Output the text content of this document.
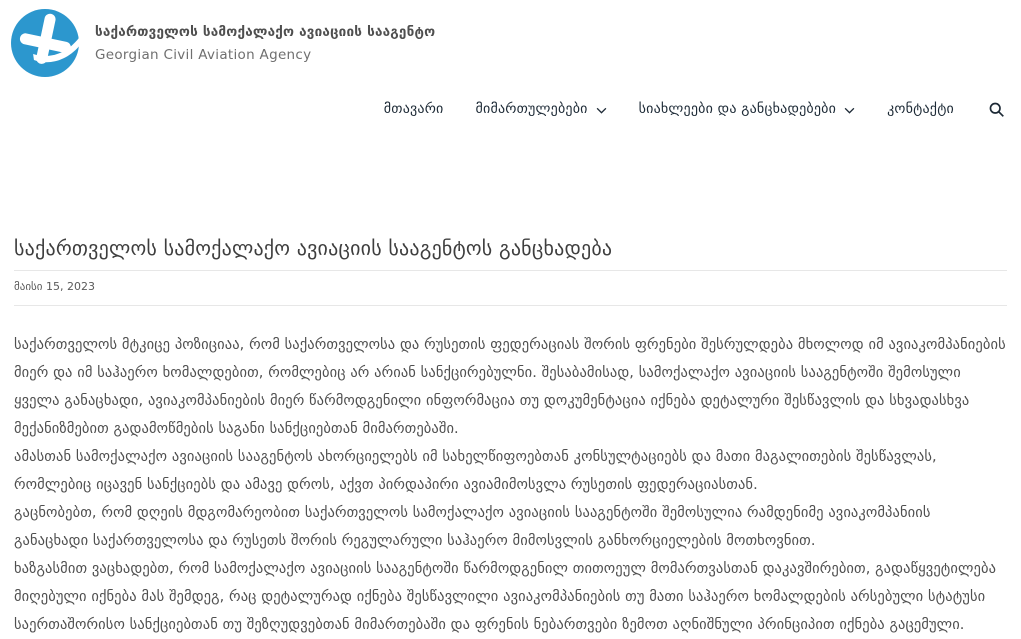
საქართველოს სამოქალაქო ავიაციის სააგენტო
Georgian Civil Aviation Agency
მთავარი მიმართულებები	სიახლეები და განცხადებები	კონტაქტი
საქართველოს სამოქალაქო ავიაციის სააგენტოს განცხადება
მაისი 15, 2023

საქართველოს მტკიცე პოზიციაა, რომ საქართველოსა და რუსეთის ფედერაციას შორის ფრენები შესრულდება მხოლოდ იმ ავიაკომპანიების მიერ და იმ საჰაერო ხომალდებით, რომლებიც არ არიან სანქცირებულნი. შესაბამისად, სამოქალაქო ავიაციის სააგენტოში შემოსული ყველა განაცხადი, ავიაკომპანიების მიერ წარმოდგენილი ინფორმაცია თუ დოკუმენტაცია იქნება დეტალური შესწავლის და სხვადასხვა მექანიზმებით გადამოწმების საგანი სანქციებთან მიმართებაში.

ამასთან სამოქალაქო ავიაციის სააგენტოს ახორციელებს იმ სახელწიფოებთან კონსულტაციებს და მათი მაგალითების შესწავლას, რომლებიც იცავენ სანქციებს და ამავე დროს, აქვთ პირდაპირი ავიამიმოსვლა რუსეთის ფედერაციასთან.

გაცნობებთ, რომ დღეის მდგომარეობით საქართველოს სამოქალაქო ავიაციის სააგენტოში შემოსულია რამდენიმე ავიაკომპანიის განაცხადი საქართველოსა და რუსეთს შორის რეგულარული საჰაერო მიმოსვლის განხორციელების მოთხოვნით.

ხაზგასმით ვაცხადებთ, რომ სამოქალაქო ავიაციის სააგენტოში წარმოდგენილ თითოეულ მომართვასთან დაკავშირებით, გადაწყვეტილება მიღებული იქნება მას შემდეგ, რაც დეტალურად იქნება შესწავლილი ავიაკომპანიების თუ მათი საჰაერო ხომალდების არსებული სტატუსი საერთაშორისო სანქციებთან თუ შეზღუდვებთან მიმართებაში და ფრენის ნებართვები ზემოთ აღნიშნული პრინციპით იქნება გაცემული.
